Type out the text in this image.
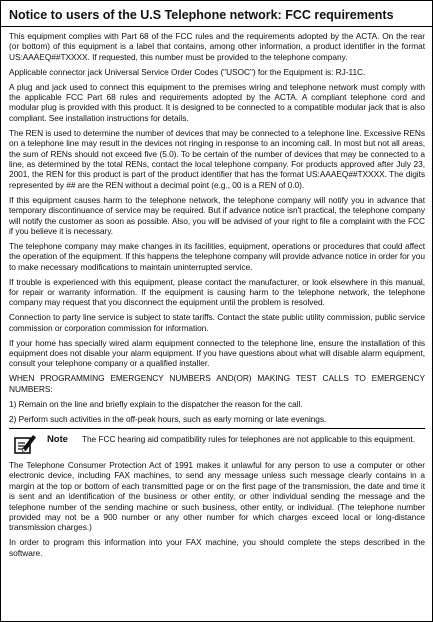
Notice to users of the U.S Telephone network: FCC requirements

This equipment complies with Part 68 of the FCC rules and the requirements adopted by the ACTA. On the rear (or bottom) of this equipment is a label that contains, among other information, a product identifier in the format US:AAAEQ##TXXXX. If requested, this number must be provided to the telephone company.

Applicable connector jack Universal Service Order Codes ("USOC") for the Equipment is: RJ-11C.

A plug and jack used to connect this equipment to the premises wiring and telephone network must comply with the applicable FCC Part 68 rules and requirements adopted by the ACTA. A compliant telephone cord and modular plug is provided with this product. It is designed to be connected to a compatible modular jack that is also compliant. See installation instructions for details.

The REN is used to determine the number of devices that may be connected to a telephone line. Excessive RENs on a telephone line may result in the devices not ringing in response to an incoming call. In most but not all areas, the sum of RENs should not exceed five (5.0). To be certain of the number of devices that may be connected to a line, as determined by the total RENs, contact the local telephone company. For products approved after July 23, 2001, the REN for this product is part of the product identifier that has the format US:AAAEQ##TXXXX. The digits represented by ## are the REN without a decimal point (e.g., 00 is a REN of 0.0).

If this equipment causes harm to the telephone network, the telephone company will notify you in advance that temporary discontinuance of service may be required. But if advance notice isn't practical, the telephone company will notify the customer as soon as possible. Also, you will be advised of your right to file a complaint with the FCC if you believe it is necessary.

The telephone company may make changes in its facilities, equipment, operations or procedures that could affect the operation of the equipment. If this happens the telephone company will provide advance notice in order for you to make necessary modifications to maintain uninterrupted service.

If trouble is experienced with this equipment, please contact the manufacturer, or look elsewhere in this manual, for repair or warranty information. If the equipment is causing harm to the telephone network, the telephone company may request that you disconnect the equipment until the problem is resolved.

Connection to party line service is subject to state tariffs. Contact the state public utility commission, public service commission or corporation commission for information.

If your home has specially wired alarm equipment connected to the telephone line, ensure the installation of this equipment does not disable your alarm equipment. If you have questions about what will disable alarm equipment, consult your telephone company or a qualified installer.

WHEN PROGRAMMING EMERGENCY NUMBERS AND(OR) MAKING TEST CALLS TO EMERGENCY NUMBERS:

1) Remain on the line and briefly explain to the dispatcher the reason for the call.

2) Perform such activities in the off-peak hours, such as early morning or late evenings.

Note The FCC hearing aid compatibility rules for telephones are not applicable to this equipment.

The Telephone Consumer Protection Act of 1991 makes it unlawful for any person to use a computer or other electronic device, including FAX machines, to send any message unless such message clearly contains in a margin at the top or bottom of each transmitted page or on the first page of the transmission, the date and time it is sent and an identification of the business or other entity, or other individual sending the message and the telephone number of the sending machine or such business, other entity, or individual. (The telephone number provided may not be a 900 number or any other number for which charges exceed local or long-distance transmission charges.)

In order to program this information into your FAX machine, you should complete the steps described in the software.
